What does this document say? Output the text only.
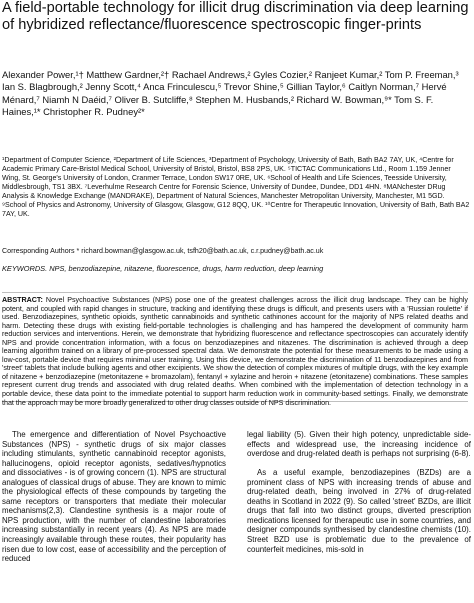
A field-portable technology for illicit drug discrimination via deep learning of hybridized reflectance/fluorescence spectroscopic finger-prints
Alexander Power,¹† Matthew Gardner,²† Rachael Andrews,² Gyles Cozier,² Ranjeet Kumar,² Tom P. Freeman,³ Ian S. Blagbrough,² Jenny Scott,⁴ Anca Frinculescu,⁵ Trevor Shine,⁵ Gillian Taylor,⁶ Caitlyn Norman,⁷ Hervé Ménard,⁷ Niamh N Daéid,⁷ Oliver B. Sutcliffe,⁸ Stephen M. Husbands,² Richard W. Bowman,⁹* Tom S. F. Haines,¹* Christopher R. Pudney²*
¹Department of Computer Science, ²Department of Life Sciences, ³Department of Psychology, University of Bath, Bath BA2 7AY, UK, ⁴Centre for Academic Primary Care-Bristol Medical School, University of Bristol, Bristol, BS8 2PS, UK. ⁵TICTAC Communications Ltd., Room 1.159 Jenner Wing, St. George's University of London, Cranmer Terrace, London SW17 0RE, UK. ⁶School of Health and Life Sciences, Teesside University, Middlesbrough, TS1 3BX. ⁷Leverhulme Research Centre for Forensic Science, University of Dundee, Dundee, DD1 4HN. ⁸MANchester DRug Analysis & Knowledge Exchange (MANDRAKE), Department of Natural Sciences, Manchester Metropolitan University, Manchester, M1 5GD. ⁹School of Physics and Astronomy, University of Glasgow, Glasgow, G12 8QQ, UK. ¹⁰Centre for Therapeutic Innovation, University of Bath, Bath BA2 7AY, UK.
Corresponding Authors * richard.bowman@glasgow.ac.uk, tsfh20@bath.ac.uk, c.r.pudney@bath.ac.uk
KEYWORDS. NPS, benzodiazepine, nitazene, fluorescence, drugs, harm reduction, deep learning

ABSTRACT: Novel Psychoactive Substances (NPS) pose one of the greatest challenges across the illicit drug landscape. They can be highly potent, and coupled with rapid changes in structure, tracking and identifying these drugs is difficult, and presents users with a 'Russian roulette' if used. Benzodiazepines, synthetic opioids, synthetic cannabinoids and synthetic cathinones account for the majority of NPS related deaths and harm. Detecting these drugs with existing field-portable technologies is challenging and has hampered the development of community harm reduction services and interventions. Herein, we demonstrate that hybridizing fluorescence and reflectance spectroscopies can accurately identify NPS and provide concentration information, with a focus on benzodiazepines and nitazenes. The discrimination is achieved through a deep learning algorithm trained on a library of pre-processed spectral data. We demonstrate the potential for these measurements to be made using a low-cost, portable device that requires minimal user training. Using this device, we demonstrate the discrimination of 11 benzodiazepines and from 'street' tablets that include bulking agents and other excipients. We show the detection of complex mixtures of multiple drugs, with the key example of nitazene + benzodiazepine (metonitazene + bromazolam), fentanyl + xylazine and heroin + nitazene (etonitazene) combinations. These samples represent current drug trends and associated with drug related deaths. When combined with the implementation of detection technology in a portable device, these data point to the immediate potential to support harm reduction work in community-based settings. Finally, we demonstrate that the approach may be more broadly generalized to other drug classes outside of NPS discrimination.

The emergence and differentiation of Novel Psychoactive Substances (NPS) - synthetic drugs of six major classes including stimulants, synthetic cannabinoid receptor agonists, hallucinogens, opioid receptor agonists, sedatives/hypnotics and dissociatives - is of growing concern (1). NPS are structural analogues of classical drugs of abuse. They are known to mimic the physiological effects of these compounds by targeting the same receptors or transporters that mediate their molecular mechanisms(2,3). Clandestine synthesis is a major route of NPS production, with the number of clandestine laboratories increasing substantially in recent years (4). As NPS are made increasingly available through these routes, their popularity has risen due to low cost, ease of accessibility and the perception of reduced

legal liability (5). Given their high potency, unpredictable side-effects and widespread use, the increasing incidence of overdose and drug-related death is perhaps not surprising (6-8).

As a useful example, benzodiazepines (BZDs) are a prominent class of NPS with increasing trends of abuse and drug-related death, being involved in 27% of drug-related deaths in Scotland in 2022 (9). So called 'street' BZDs, are illicit drugs that fall into two distinct groups, diverted prescription medications licensed for therapeutic use in some countries, and designer compounds synthesised by clandestine chemists (10). Street BZD use is problematic due to the prevalence of counterfeit medicines, mis-sold in
